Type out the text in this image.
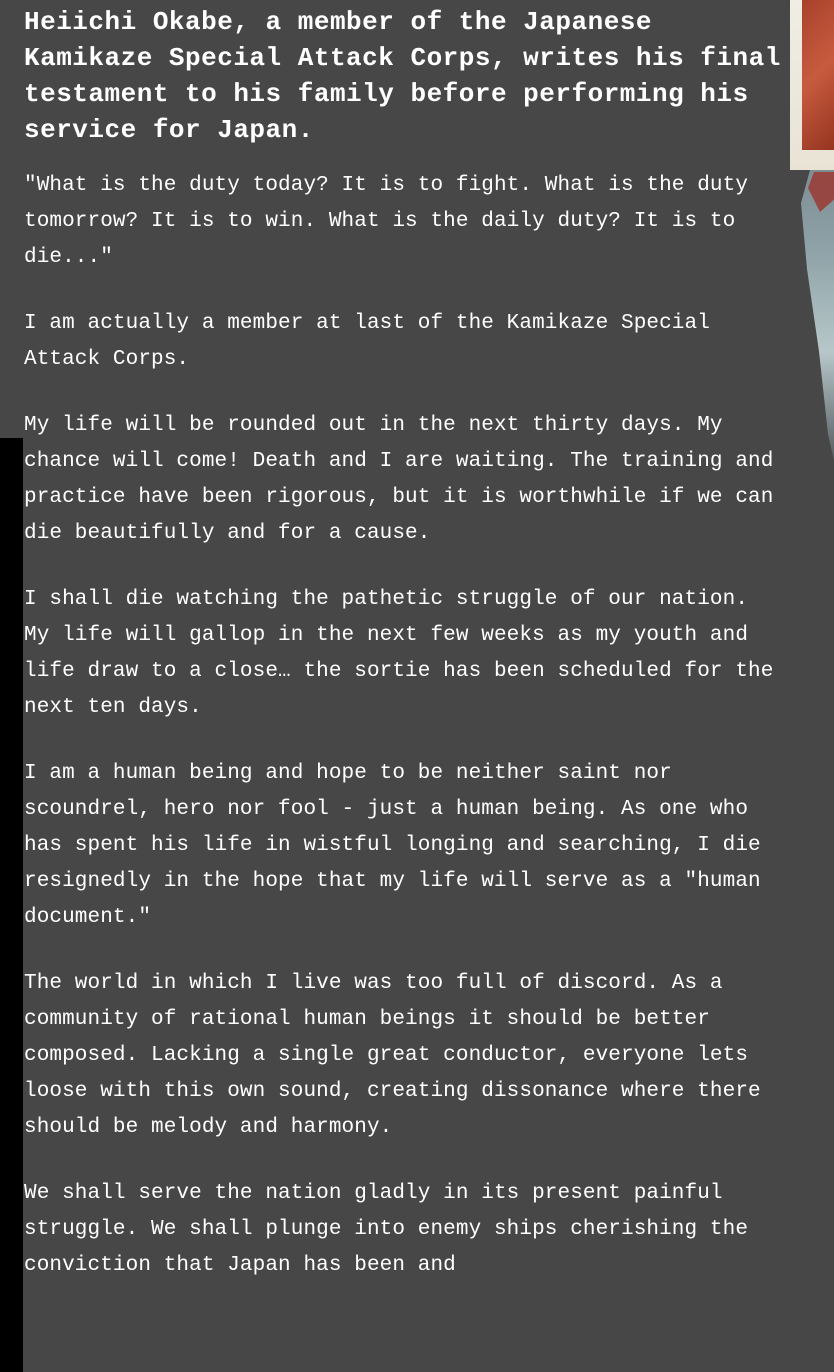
Heiichi Okabe, a member of the Japanese Kamikaze Special Attack Corps, writes his final testament to his family before performing his service for Japan.

"What is the duty today? It is to fight. What is the duty tomorrow? It is to win. What is the daily duty? It is to die..."

I am actually a member at last of the Kamikaze Special Attack Corps.

My life will be rounded out in the next thirty days. My chance will come! Death and I are waiting. The training and practice have been rigorous, but it is worthwhile if we can die beautifully and for a cause.

I shall die watching the pathetic struggle of our nation. My life will gallop in the next few weeks as my youth and life draw to a close… the sortie has been scheduled for the next ten days.

I am a human being and hope to be neither saint nor scoundrel, hero nor fool - just a human being. As one who has spent his life in wistful longing and searching, I die resignedly in the hope that my life will serve as a "human document."

The world in which I live was too full of discord. As a community of rational human beings it should be better composed. Lacking a single great conductor, everyone lets loose with this own sound, creating dissonance where there should be melody and harmony.

We shall serve the nation gladly in its present painful struggle. We shall plunge into enemy ships cherishing the conviction that Japan has been and
